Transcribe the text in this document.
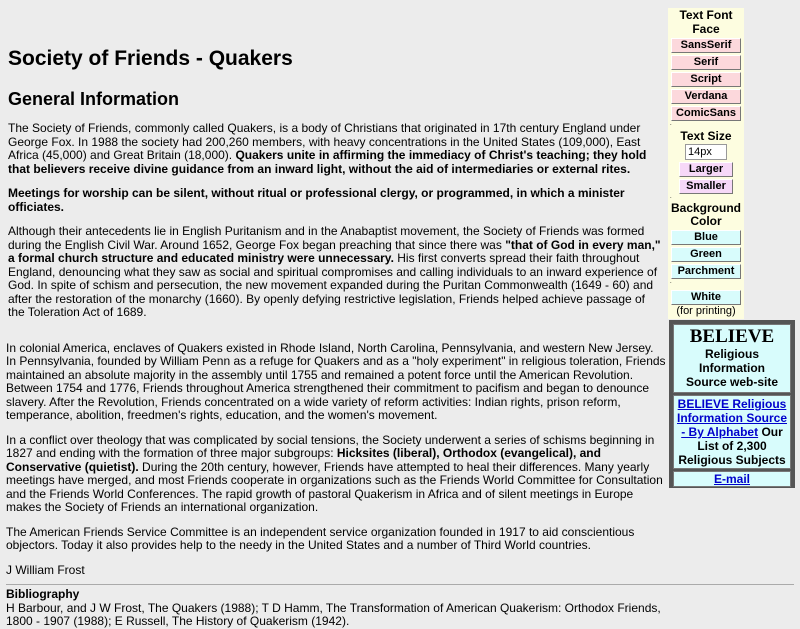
Society of Friends - Quakers
General Information

The Society of Friends, commonly called Quakers, is a body of Christians that originated in 17th century England under George Fox. In 1988 the society had 200,260 members, with heavy concentrations in the United States (109,000), East Africa (45,000) and Great Britain (18,000). Quakers unite in affirming the immediacy of Christ's teaching; they hold that believers receive divine guidance from an inward light, without the aid of intermediaries or external rites.

Meetings for worship can be silent, without ritual or professional clergy, or programmed, in which a minister officiates.

Although their antecedents lie in English Puritanism and in the Anabaptist movement, the Society of Friends was formed during the English Civil War. Around 1652, George Fox began preaching that since there was "that of God in every man," a formal church structure and educated ministry were unnecessary. His first converts spread their faith throughout England, denouncing what they saw as social and spiritual compromises and calling individuals to an inward experience of God. In spite of schism and persecution, the new movement expanded during the Puritan Commonwealth (1649 - 60) and after the restoration of the monarchy (1660). By openly defying restrictive legislation, Friends helped achieve passage of the Toleration Act of 1689.

In colonial America, enclaves of Quakers existed in Rhode Island, North Carolina, Pennsylvania, and western New Jersey. In Pennsylvania, founded by William Penn as a refuge for Quakers and as a "holy experiment" in religious toleration, Friends maintained an absolute majority in the assembly until 1755 and remained a potent force until the American Revolution. Between 1754 and 1776, Friends throughout America strengthened their commitment to pacifism and began to denounce slavery. After the Revolution, Friends concentrated on a wide variety of reform activities: Indian rights, prison reform, temperance, abolition, freedmen's rights, education, and the women's movement.

In a conflict over theology that was complicated by social tensions, the Society underwent a series of schisms beginning in 1827 and ending with the formation of three major subgroups: Hicksites (liberal), Orthodox (evangelical), and Conservative (quietist). During the 20th century, however, Friends have attempted to heal their differences. Many yearly meetings have merged, and most Friends cooperate in organizations such as the Friends World Committee for Consultation and the Friends World Conferences. The rapid growth of pastoral Quakerism in Africa and of silent meetings in Europe makes the Society of Friends an international organization.

The American Friends Service Committee is an independent service organization founded in 1917 to aid conscientious objectors. Today it also provides help to the needy in the United States and a number of Third World countries.

J William Frost

Bibliography
H Barbour, and J W Frost, The Quakers (1988); T D Hamm, The Transformation of American Quakerism: Orthodox Friends, 1800 - 1907 (1988); E Russell, The History of Quakerism (1942).

Text Font Face
SansSerif
Serif
Script
Verdana
ComicSans
.
Text Size
14px
Larger
Smaller
.
Background Color
Blue
Green
Parchment
.
White
(for printing)
BELIEVE
Religious Information Source web-site
BELIEVE Religious Information Source - By Alphabet Our List of 2,300 Religious Subjects
E-mail
